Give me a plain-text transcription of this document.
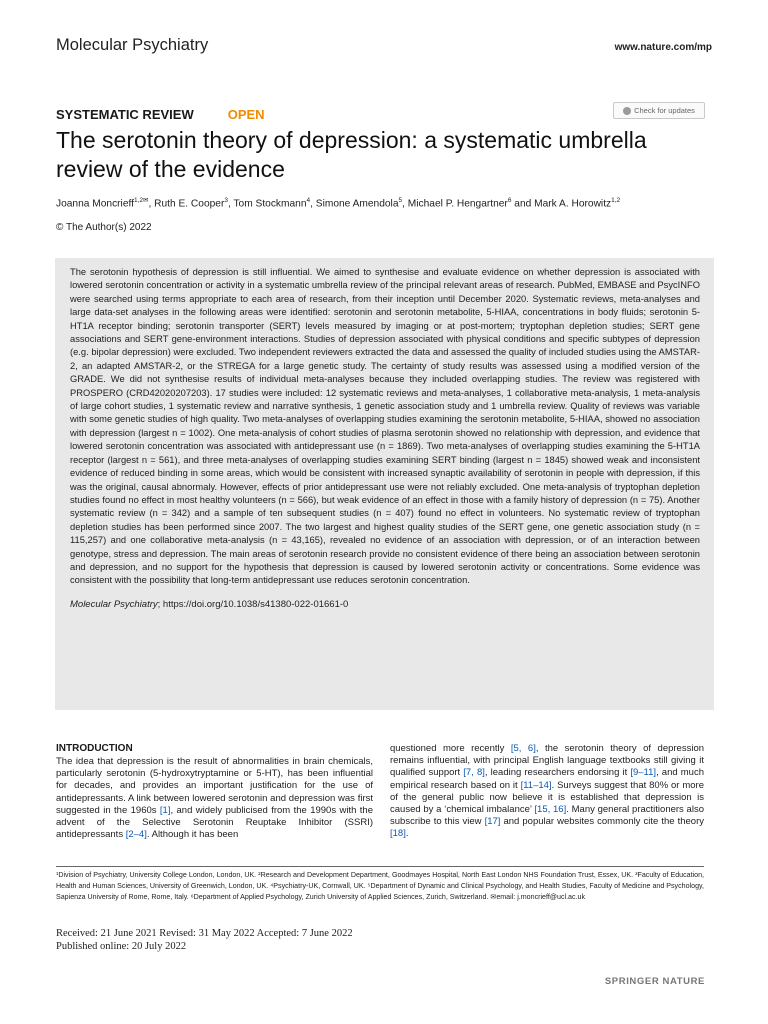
Molecular Psychiatry	www.nature.com/mp
SYSTEMATIC REVIEW	OPEN	Check for updates
The serotonin theory of depression: a systematic umbrella review of the evidence
Joanna Moncrieff$^{1,2✉}$, Ruth E. Cooper$^3$, Tom Stockmann$^4$, Simone Amendola$^5$, Michael P. Hengartner$^6$ and Mark A. Horowitz$^{1,2}$
© The Author(s) 2022
The serotonin hypothesis of depression is still influential. We aimed to synthesise and evaluate evidence on whether depression is associated with lowered serotonin concentration or activity in a systematic umbrella review of the principal relevant areas of research. PubMed, EMBASE and PsycINFO were searched using terms appropriate to each area of research, from their inception until December 2020. Systematic reviews, meta-analyses and large data-set analyses in the following areas were identified: serotonin and serotonin metabolite, 5-HIAA, concentrations in body fluids; serotonin 5-HT1A receptor binding; serotonin transporter (SERT) levels measured by imaging or at post-mortem; tryptophan depletion studies; SERT gene associations and SERT gene-environment interactions. Studies of depression associated with physical conditions and specific subtypes of depression (e.g. bipolar depression) were excluded. Two independent reviewers extracted the data and assessed the quality of included studies using the AMSTAR-2, an adapted AMSTAR-2, or the STREGA for a large genetic study. The certainty of study results was assessed using a modified version of the GRADE. We did not synthesise results of individual meta-analyses because they included overlapping studies. The review was registered with PROSPERO (CRD42020207203). 17 studies were included: 12 systematic reviews and meta-analyses, 1 collaborative meta-analysis, 1 meta-analysis of large cohort studies, 1 systematic review and narrative synthesis, 1 genetic association study and 1 umbrella review. Quality of reviews was variable with some genetic studies of high quality. Two meta-analyses of overlapping studies examining the serotonin metabolite, 5-HIAA, showed no association with depression (largest n = 1002). One meta-analysis of cohort studies of plasma serotonin showed no relationship with depression, and evidence that lowered serotonin concentration was associated with antidepressant use (n = 1869). Two meta-analyses of overlapping studies examining the 5-HT1A receptor (largest n = 561), and three meta-analyses of overlapping studies examining SERT binding (largest n = 1845) showed weak and inconsistent evidence of reduced binding in some areas, which would be consistent with increased synaptic availability of serotonin in people with depression, if this was the original, causal abnormaly. However, effects of prior antidepressant use were not reliably excluded. One meta-analysis of tryptophan depletion studies found no effect in most healthy volunteers (n = 566), but weak evidence of an effect in those with a family history of depression (n = 75). Another systematic review (n = 342) and a sample of ten subsequent studies (n = 407) found no effect in volunteers. No systematic review of tryptophan depletion studies has been performed since 2007. The two largest and highest quality studies of the SERT gene, one genetic association study (n = 115,257) and one collaborative meta-analysis (n = 43,165), revealed no evidence of an association with depression, or of an interaction between genotype, stress and depression. The main areas of serotonin research provide no consistent evidence of there being an association between serotonin and depression, and no support for the hypothesis that depression is caused by lowered serotonin activity or concentrations. Some evidence was consistent with the possibility that long-term antidepressant use reduces serotonin concentration.
Molecular Psychiatry; https://doi.org/10.1038/s41380-022-01661-0
INTRODUCTION
The idea that depression is the result of abnormalities in brain chemicals, particularly serotonin (5-hydroxytryptamine or 5-HT), has been influential for decades, and provides an important justification for the use of antidepressants. A link between lowered serotonin and depression was first suggested in the 1960s [1], and widely publicised from the 1990s with the advent of the Selective Serotonin Reuptake Inhibitor (SSRI) antidepressants [2–4]. Although it has been
questioned more recently [5, 6], the serotonin theory of depression remains influential, with principal English language textbooks still giving it qualified support [7, 8], leading researchers endorsing it [9–11], and much empirical research based on it [11–14]. Surveys suggest that 80% or more of the general public now believe it is established that depression is caused by a ‘chemical imbalance’ [15, 16]. Many general practitioners also subscribe to this view [17] and popular websites commonly cite the theory [18].
¹Division of Psychiatry, University College London, London, UK. ²Research and Development Department, Goodmayes Hospital, North East London NHS Foundation Trust, Essex, UK. ³Faculty of Education, Health and Human Sciences, University of Greenwich, London, UK. ⁴Psychiatry-UK, Cornwall, UK. ⁵Department of Dynamic and Clinical Psychology, and Health Studies, Faculty of Medicine and Psychology, Sapienza University of Rome, Rome, Italy. ⁶Department of Applied Psychology, Zurich University of Applied Sciences, Zurich, Switzerland. ✉email: j.moncrieff@ucl.ac.uk
Received: 21 June 2021 Revised: 31 May 2022 Accepted: 7 June 2022
Published online: 20 July 2022
SPRINGER NATURE
